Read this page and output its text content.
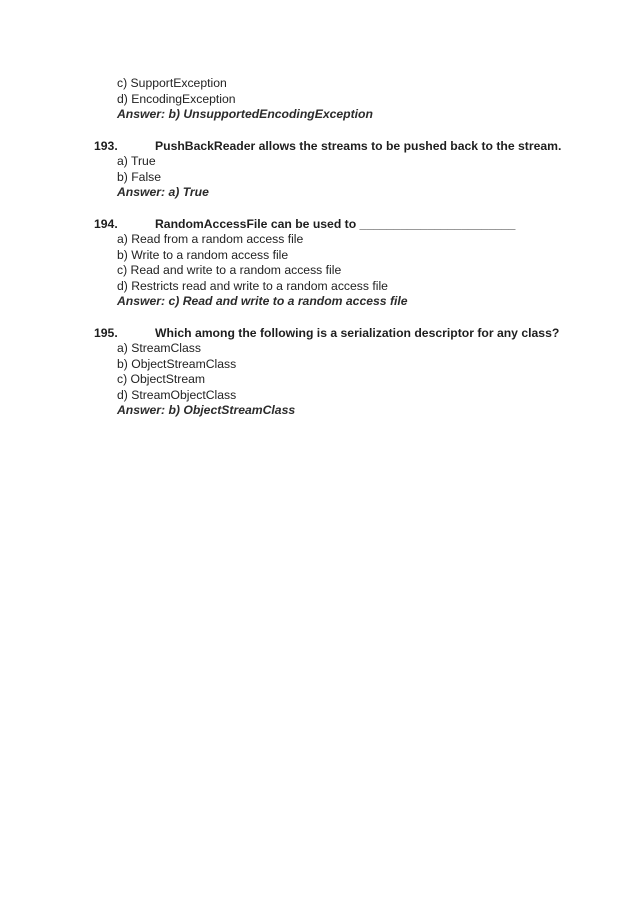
c) SupportException
d) EncodingException
Answer: b) UnsupportedEncodingException
193.	PushBackReader allows the streams to be pushed back to the stream.
a) True
b) False
Answer: a) True
194.	RandomAccessFile can be used to _______________________
a) Read from a random access file
b) Write to a random access file
c) Read and write to a random access file
d) Restricts read and write to a random access file
Answer: c) Read and write to a random access file
195.	Which among the following is a serialization descriptor for any class?
a) StreamClass
b) ObjectStreamClass
c) ObjectStream
d) StreamObjectClass
Answer: b) ObjectStreamClass
